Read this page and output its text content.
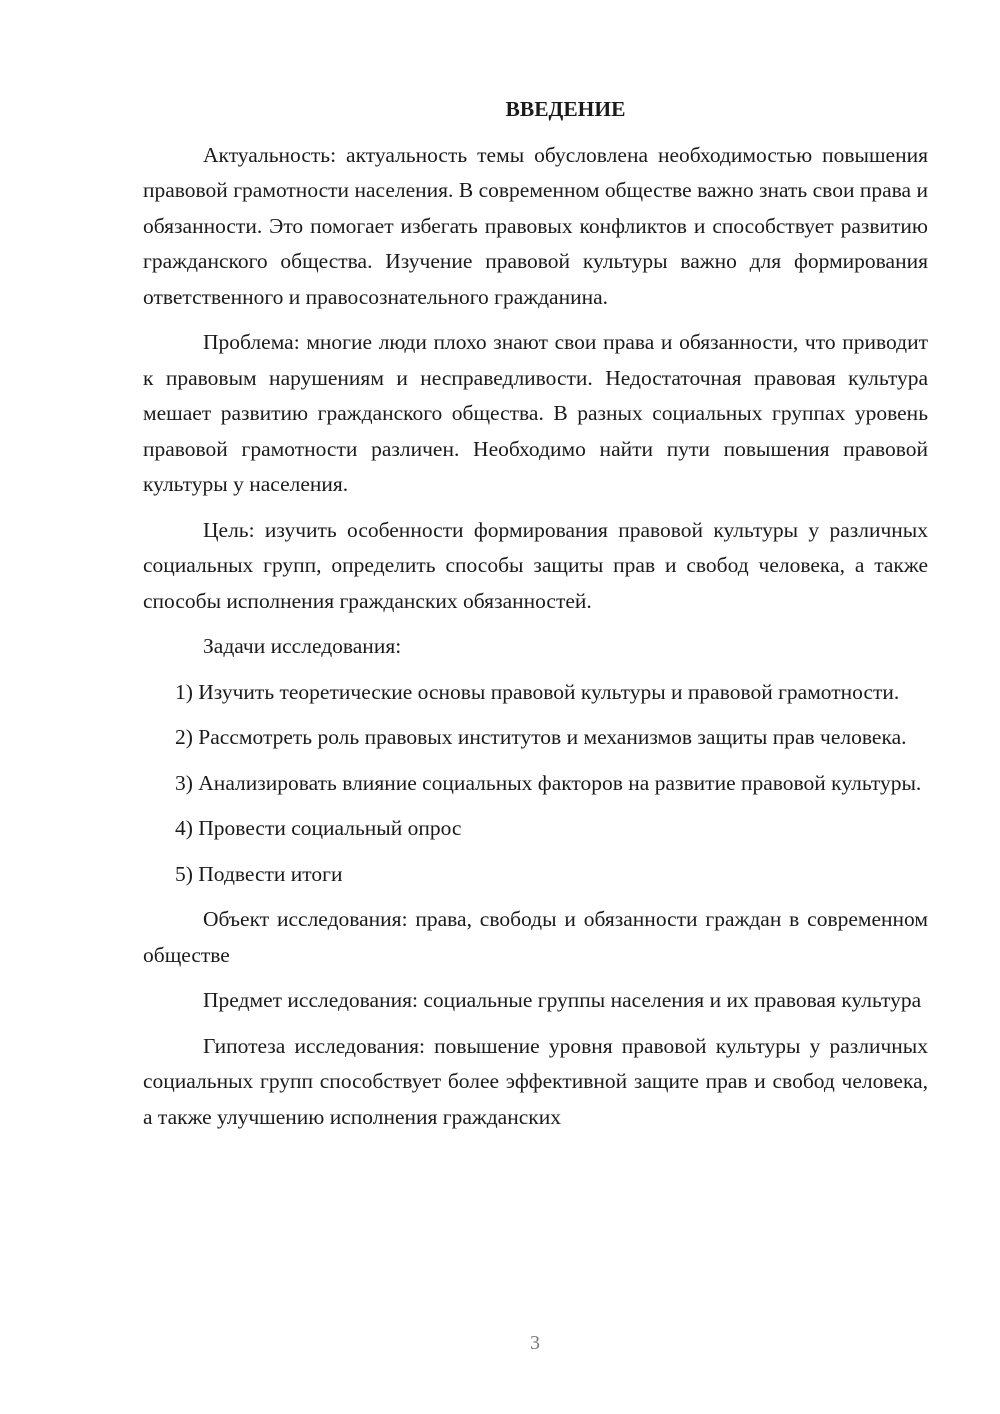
ВВЕДЕНИЕ

Актуальность: актуальность темы обусловлена необходимостью повышения правовой грамотности населения. В современном обществе важно знать свои права и обязанности. Это помогает избегать правовых конфликтов и способствует развитию гражданского общества. Изучение правовой культуры важно для формирования ответственного и правосознательного гражданина.

Проблема: многие люди плохо знают свои права и обязанности, что приводит к правовым нарушениям и несправедливости. Недостаточная правовая культура мешает развитию гражданского общества. В разных социальных группах уровень правовой грамотности различен. Необходимо найти пути повышения правовой культуры у населения.

Цель: изучить особенности формирования правовой культуры у различных социальных групп, определить способы защиты прав и свобод человека, а также способы исполнения гражданских обязанностей.

Задачи исследования:

1) Изучить теоретические основы правовой культуры и правовой грамотности.

2) Рассмотреть роль правовых институтов и механизмов защиты прав человека.

3) Анализировать влияние социальных факторов на развитие правовой культуры.

4) Провести социальный опрос

5) Подвести итоги

Объект исследования: права, свободы и обязанности граждан в современном обществе

Предмет исследования: социальные группы населения и их правовая культура

Гипотеза исследования: повышение уровня правовой культуры у различных социальных групп способствует более эффективной защите прав и свобод человека, а также улучшению исполнения гражданских

3
